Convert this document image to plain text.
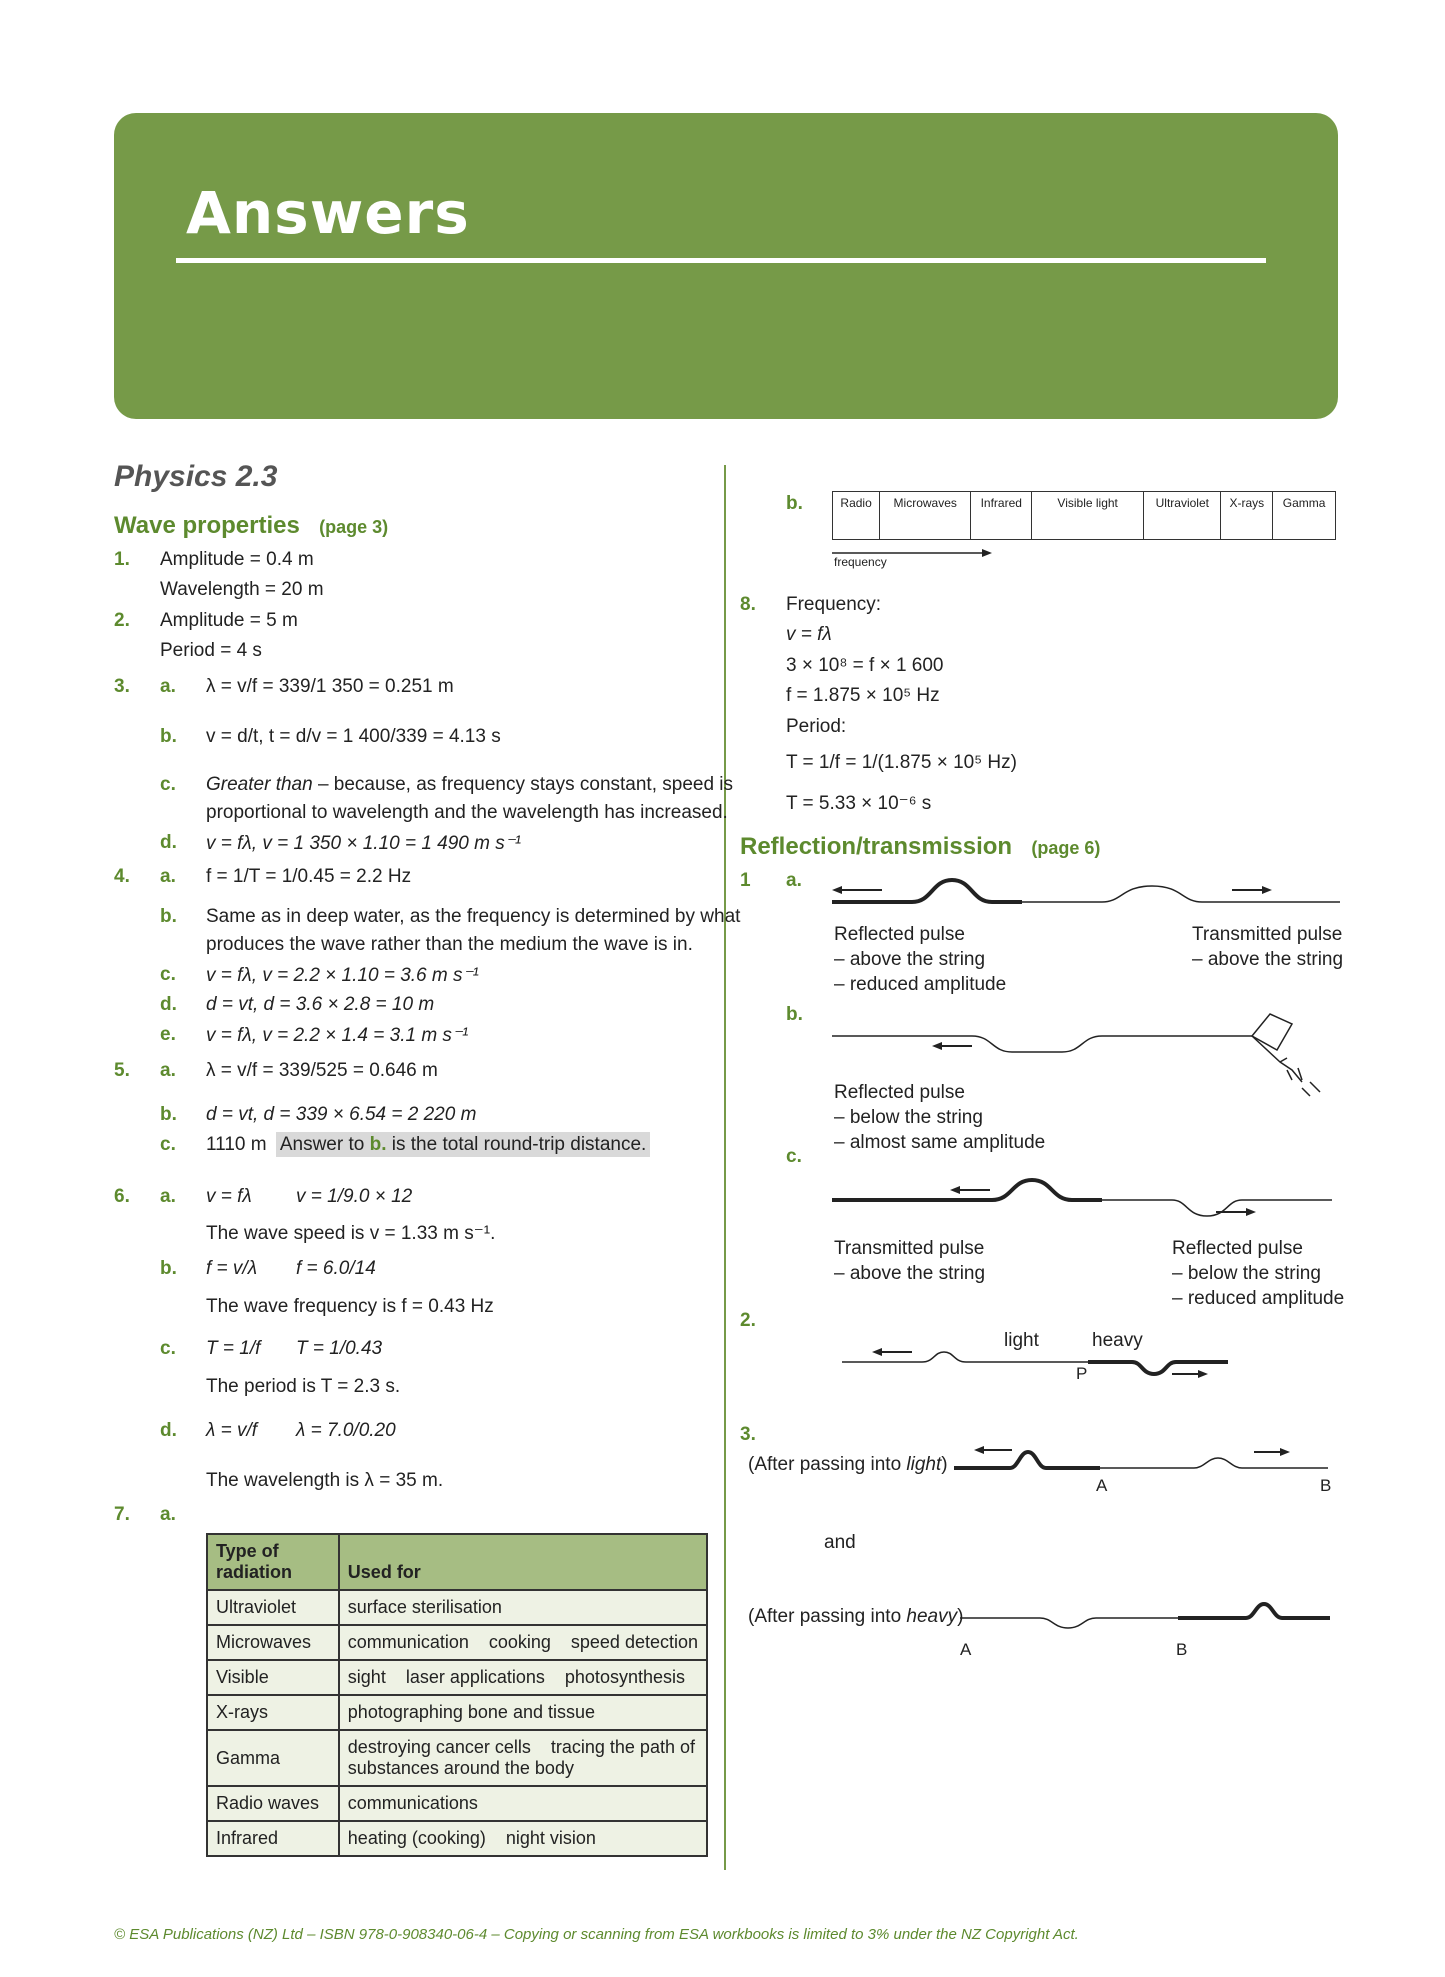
Answers
Physics 2.3
Wave properties (page 3)
1. Amplitude = 0.4 m
Wavelength = 20 m
2. Amplitude = 5 m
Period = 4 s
3. a. λ = v/f = 339/1 350 = 0.251 m
b. v = d/t, t = d/v = 1 400/339 = 4.13 s
c. Greater than – because, as frequency stays constant, speed is
proportional to wavelength and the wavelength has increased.
d. v = fλ, v = 1 350 × 1.10 = 1 490 m s⁻¹
4. a. f = 1/T = 1/0.45 = 2.2 Hz
b. Same as in deep water, as the frequency is determined by what
produces the wave rather than the medium the wave is in.
c. v = fλ, v = 2.2 × 1.10 = 3.6 m s⁻¹
d. d = vt, d = 3.6 × 2.8 = 10 m
e. v = fλ, v = 2.2 × 1.4 = 3.1 m s⁻¹
5. a. λ = v/f = 339/525 = 0.646 m
b. d = vt, d = 339 × 6.54 = 2 220 m
c. 1110 m Answer to b. is the total round-trip distance.
6. a. v = fλ v = 1/9.0 × 12
The wave speed is v = 1.33 m s⁻¹.
b. f = v/λ f = 6.0/14
The wave frequency is f = 0.43 Hz
c. T = 1/f T = 1/0.43
The period is T = 2.3 s.
d. λ = v/f λ = 7.0/0.20
The wavelength is λ = 35 m.
7. a.
Type of radiation	Used for
Ultraviolet	surface sterilisation
Microwaves	communication    cooking    speed detection
Visible	sight    laser applications    photosynthesis
X-rays	photographing bone and tissue
Gamma	destroying cancer cells    tracing the path of substances around the body
Radio waves	communications
Infrared	heating (cooking)    night vision
b.	Radio	Microwaves	Infrared	Visible light	Ultraviolet	X-rays	Gamma
frequency
8. Frequency:
v = fλ
3 × 10⁸ = f × 1 600
f = 1.875 × 10⁵ Hz
Period:
T = 1/f = 1/(1.875 × 10⁵ Hz)
T = 5.33 × 10⁻⁶ s
Reflection/transmission (page 6)
1 a.
Reflected pulse
– above the string
– reduced amplitude
Transmitted pulse
– above the string
b.
Reflected pulse
– below the string
– almost same amplitude
c.
Transmitted pulse
– above the string
Reflected pulse
– below the string
– reduced amplitude
2.
light	heavy
P
3.
(After passing into light)
A	B
and
(After passing into heavy)
A	B
© ESA Publications (NZ) Ltd – ISBN 978-0-908340-06-4 – Copying or scanning from ESA workbooks is limited to 3% under the NZ Copyright Act.
